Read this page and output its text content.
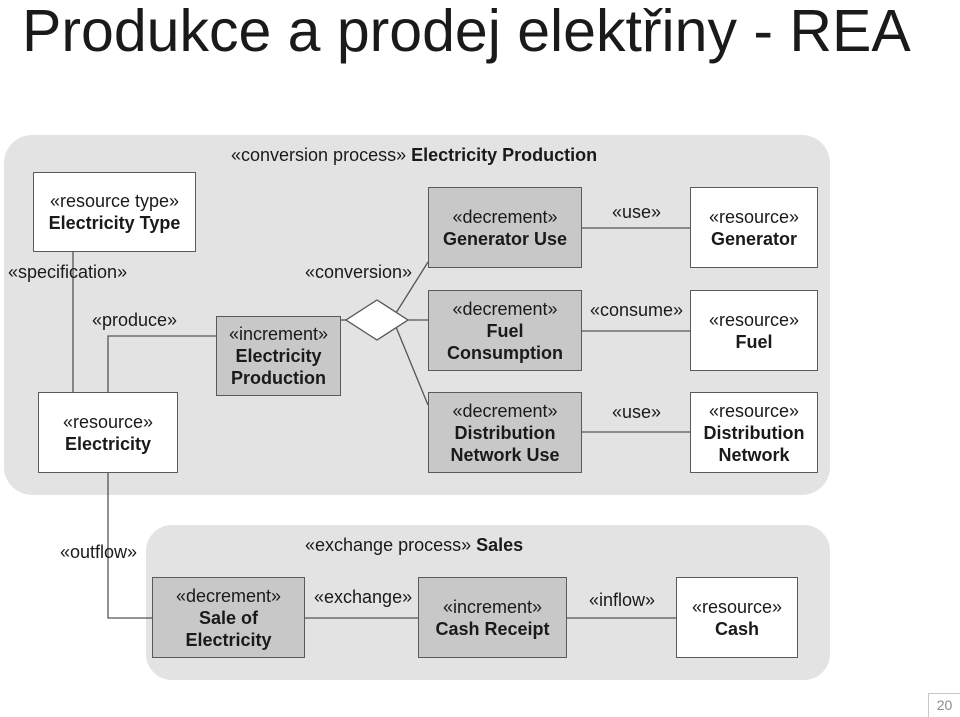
Produkce a prodej elektřiny - REA
«conversion process» Electricity Production
«exchange process» Sales
«specification»	«conversion»
«produce»
«use»
«consume»
«use»
«outflow»
«exchange»	«inflow»
«resource type»
Electricity Type	«decrement»
Generator Use
«resource»
Generator
«increment»
Electricity
Production
«decrement»
Fuel
Consumption
«resource»
Fuel
«resource»
Electricity
«decrement»
Distribution
Network Use
«resource»
Distribution
Network
«decrement»
Sale of
Electricity
«increment»
Cash Receipt
«resource»
Cash
20
